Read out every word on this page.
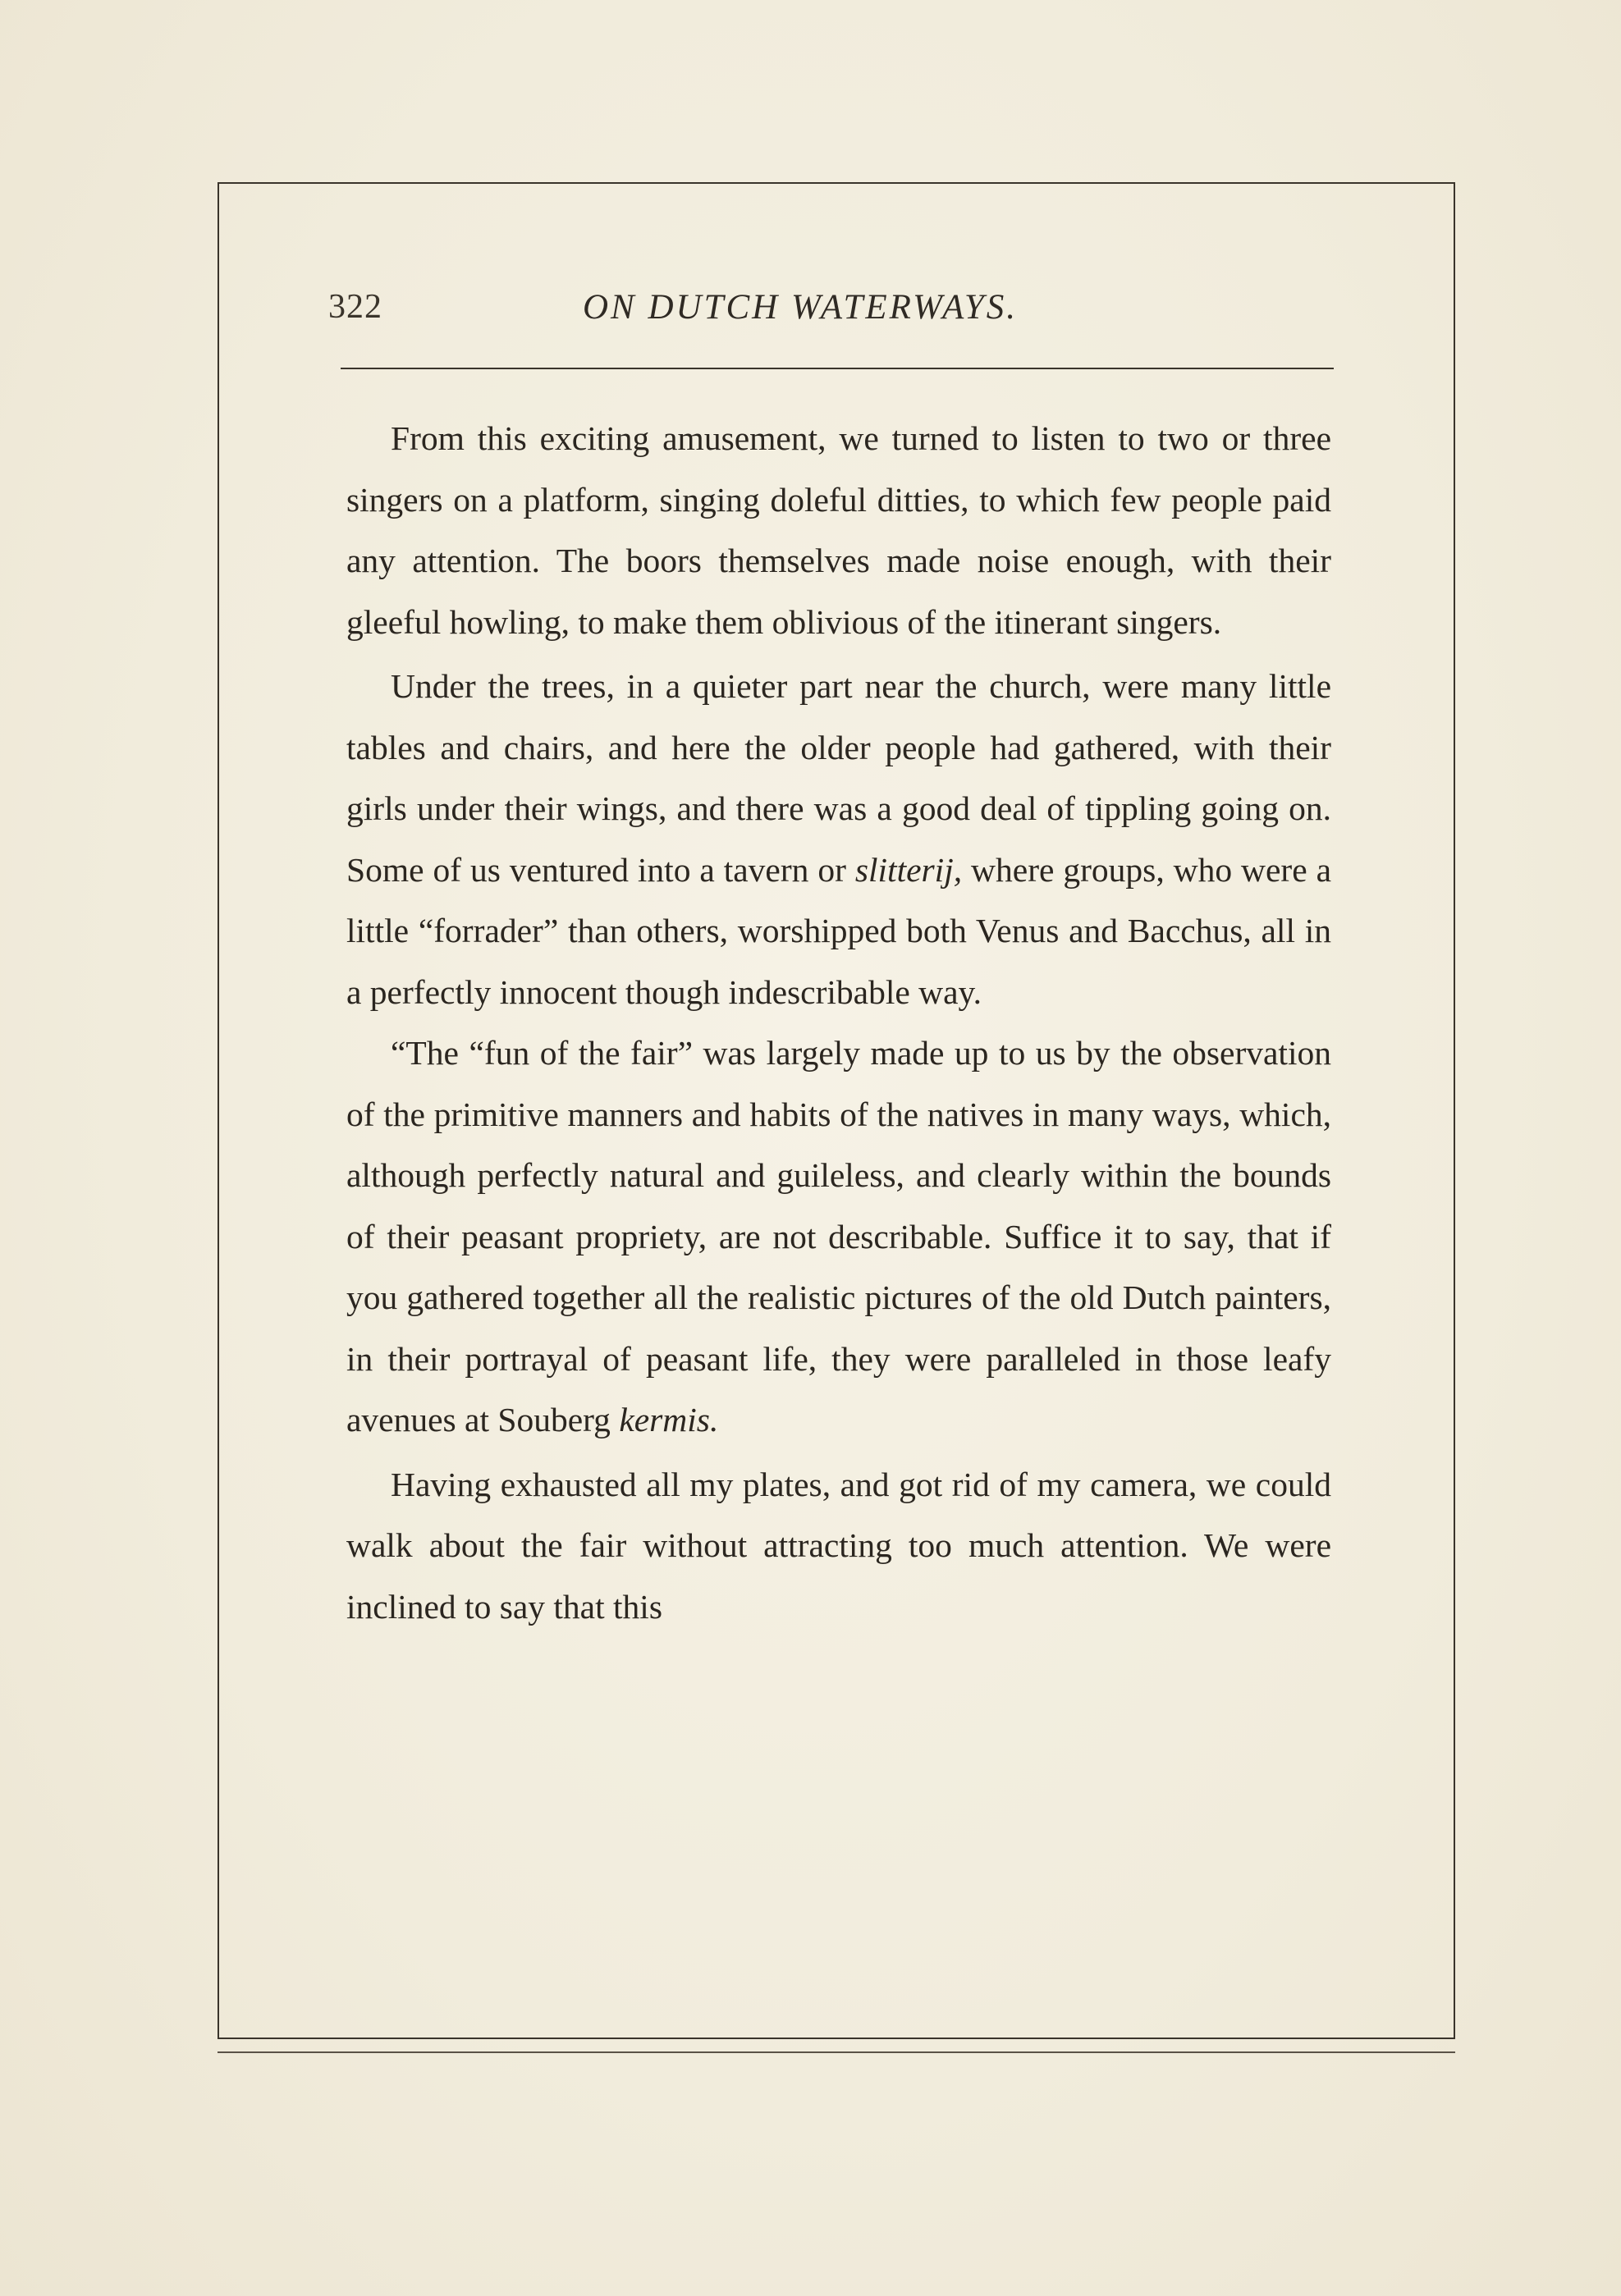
322	ON DUTCH WATERWAYS.

From this exciting amusement, we turned to listen to two or three singers on a platform, singing doleful ditties, to which few people paid any attention. The boors themselves made noise enough, with their gleeful howling, to make them oblivious of the itinerant singers.

Under the trees, in a quieter part near the church, were many little tables and chairs, and here the older people had gathered, with their girls under their wings, and there was a good deal of tippling going on. Some of us ventured into a tavern or slitterij, where groups, who were a little “forrader” than others, worshipped both Venus and Bacchus, all in a perfectly innocent though indescribable way.

“The “fun of the fair” was largely made up to us by the observation of the primitive manners and habits of the natives in many ways, which, although perfectly natural and guileless, and clearly within the bounds of their peasant propriety, are not describable. Suffice it to say, that if you gathered together all the realistic pictures of the old Dutch painters, in their portrayal of peasant life, they were paralleled in those leafy avenues at Souberg kermis.

Having exhausted all my plates, and got rid of my camera, we could walk about the fair without attracting too much attention. We were inclined to say that this
